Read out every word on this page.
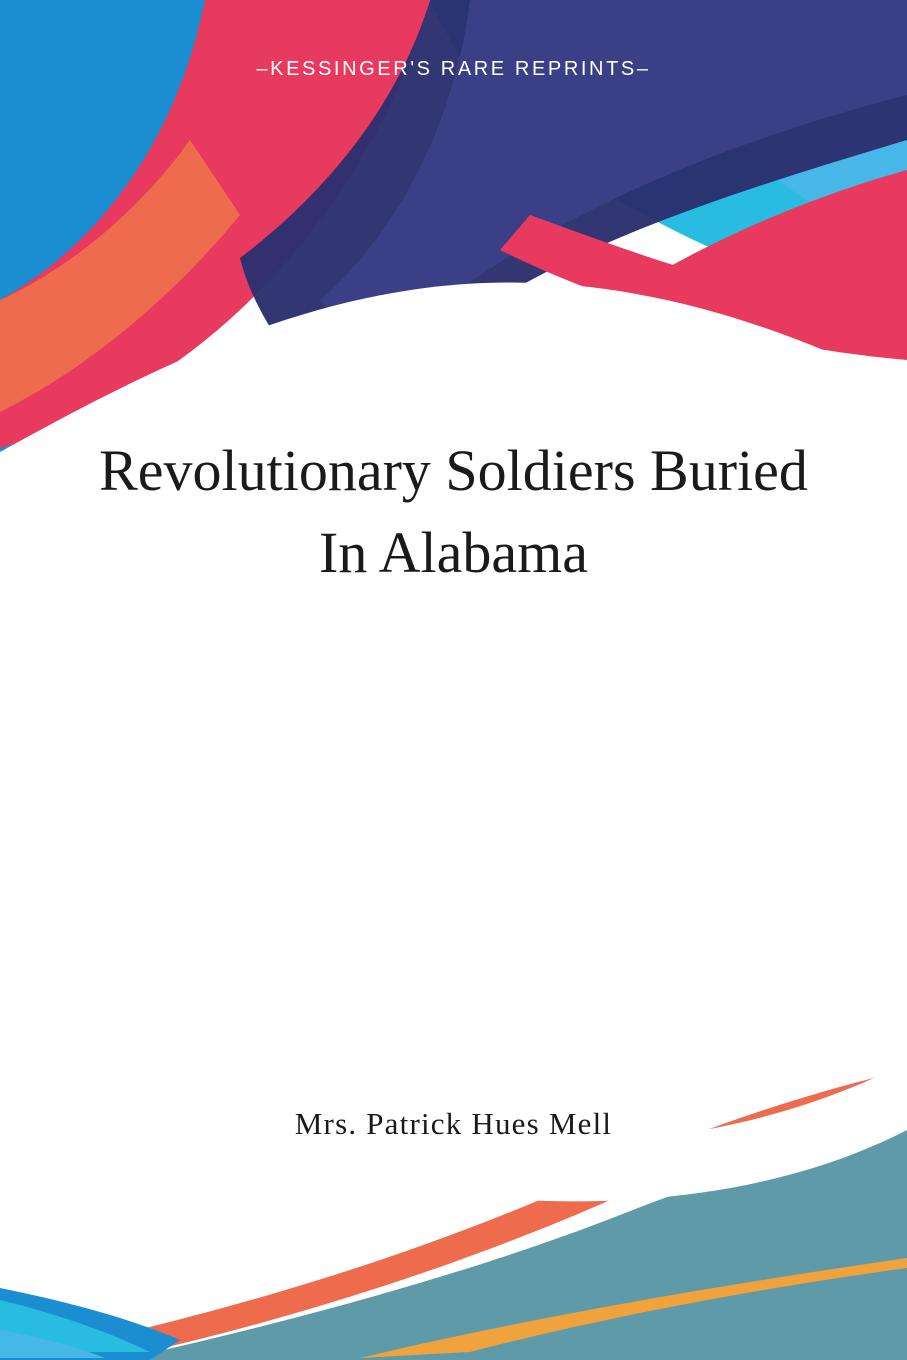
–KESSINGER'S RARE REPRINTS–
Revolutionary Soldiers Buried In Alabama
Mrs. Patrick Hues Mell
